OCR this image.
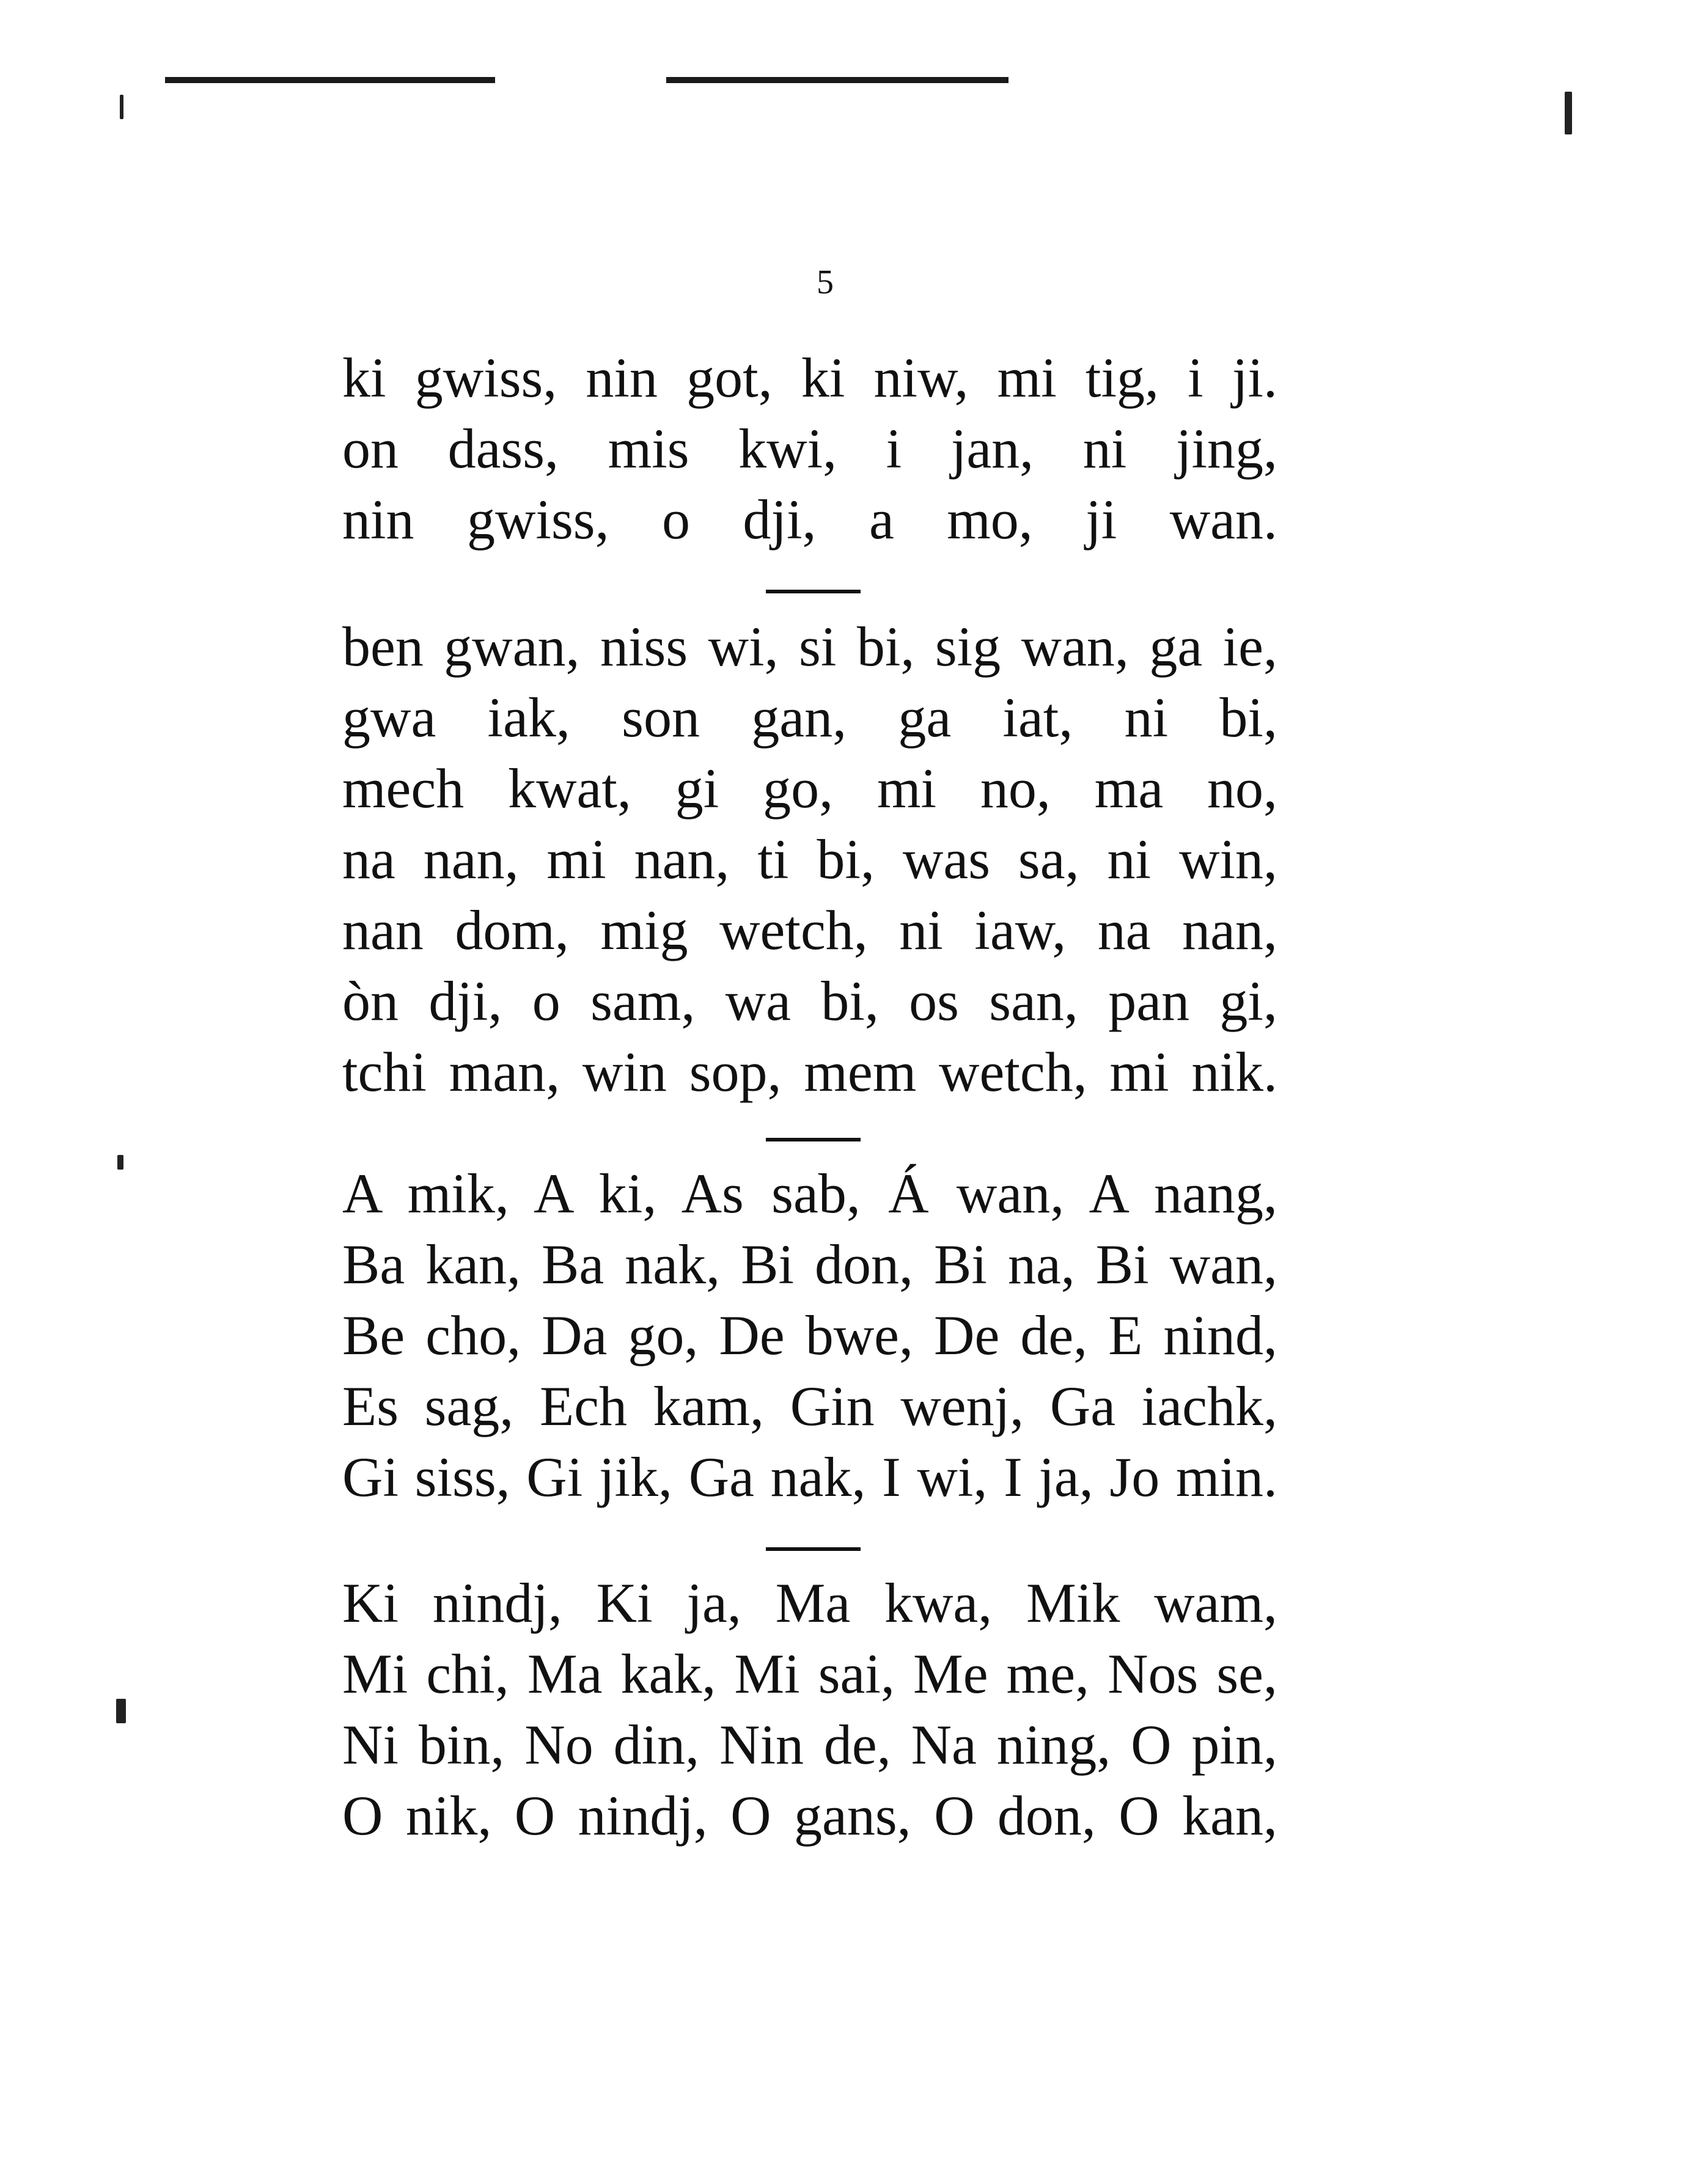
5
ki gwiss, nin got, ki niw, mi tig, i ji.
on dass, mis kwi, i jan, ni jing,
nin gwiss, o dji, a mo, ji wan.
ben gwan, niss wi, si bi, sig wan, ga ie,
gwa iak, son gan, ga iat, ni bi,
mech kwat, gi go, mi no, ma no,
na nan, mi nan, ti bi, was sa, ni win,
nan dom, mig wetch, ni iaw, na nan,
òn dji, o sam, wa bi, os san, pan gi,
tchi man, win sop, mem wetch, mi nik.
A mik, A ki, As sab, Á wan, A nang,
Ba kan, Ba nak, Bi don, Bi na, Bi wan,
Be cho, Da go, De bwe, De de, E nind,
Es sag, Ech kam, Gin wenj, Ga iachk,
Gi siss, Gi jik, Ga nak, I wi, I ja, Jo min.
Ki nindj, Ki ja, Ma kwa, Mik wam,
Mi chi, Ma kak, Mi sai, Me me, Nos se,
Ni bin, No din, Nin de, Na ning, O pin,
O nik, O nindj, O gans, O don, O kan,
